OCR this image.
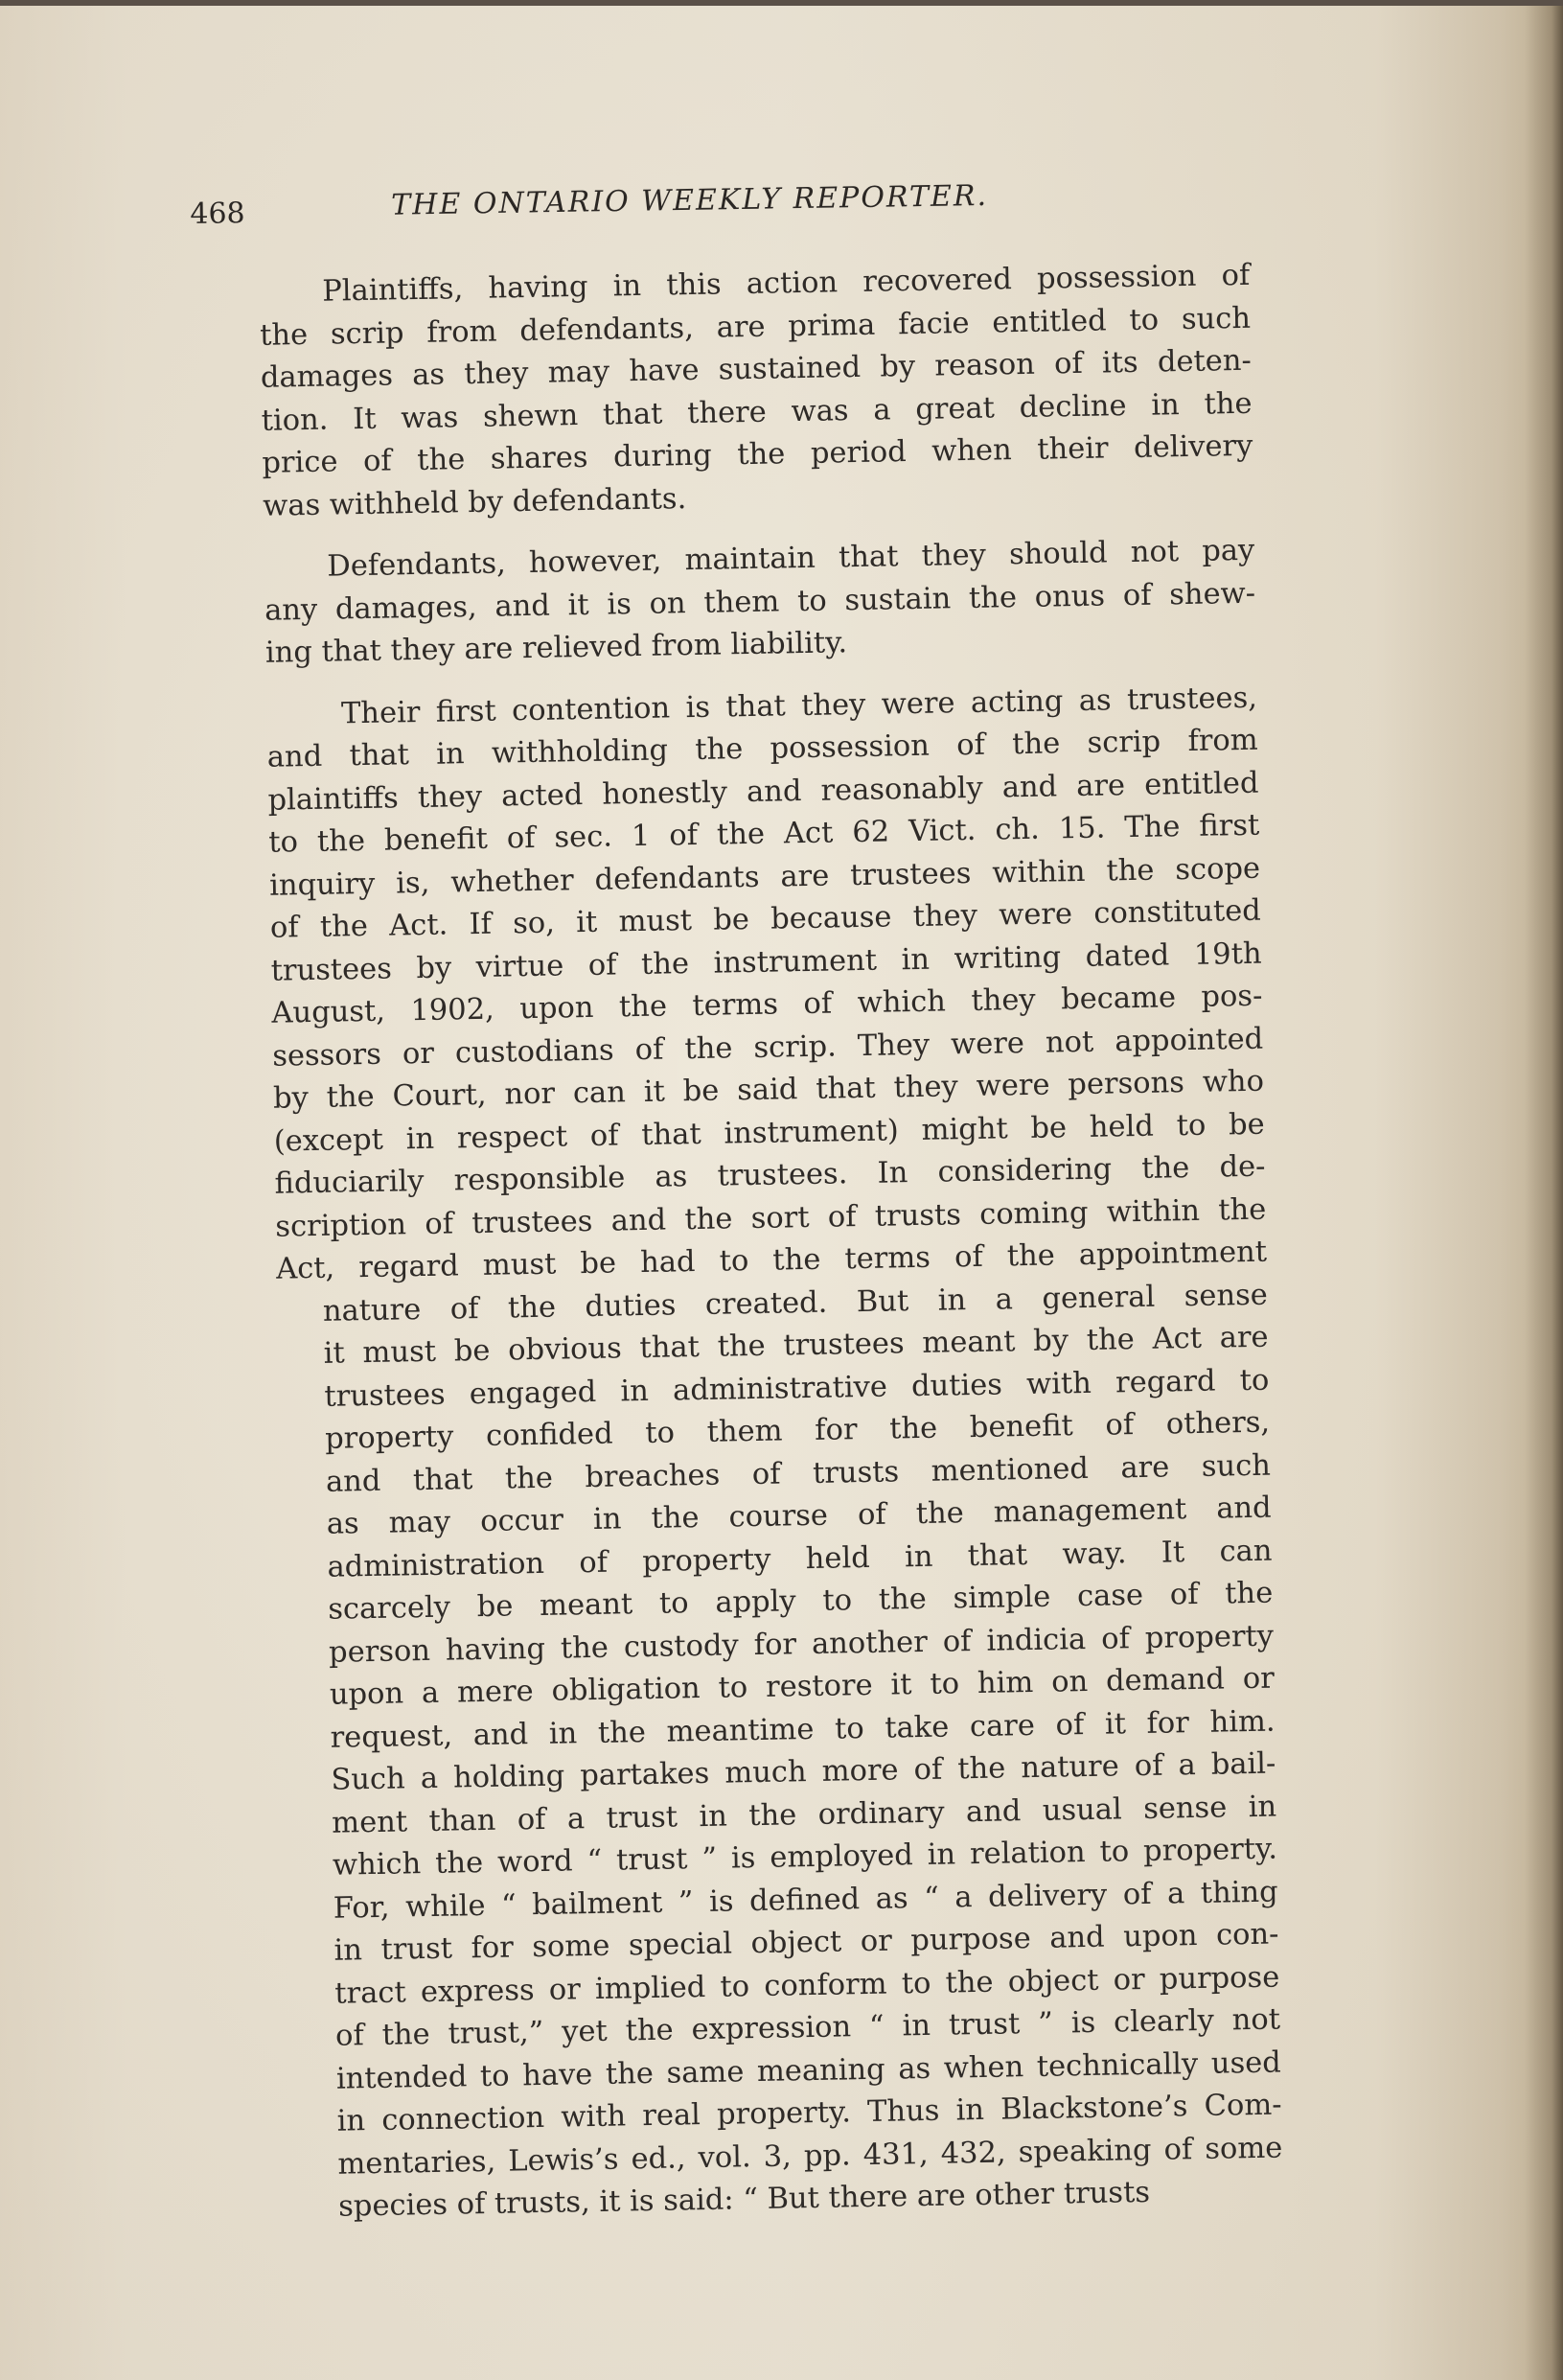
468	THE ONTARIO WEEKLY REPORTER.

Plaintiffs, having in this action recovered possession of
the scrip from defendants, are prima facie entitled to such
damages as they may have sustained by reason of its deten-
tion. It was shewn that there was a great decline in the
price of the shares during the period when their delivery
was withheld by defendants.

Defendants, however, maintain that they should not pay
any damages, and it is on them to sustain the onus of shew-
ing that they are relieved from liability.

Their first contention is that they were acting as trustees,
and that in withholding the possession of the scrip from
plaintiffs they acted honestly and reasonably and are entitled
to the benefit of sec. 1 of the Act 62 Vict. ch. 15. The first
inquiry is, whether defendants are trustees within the scope
of the Act. If so, it must be because they were constituted
trustees by virtue of the instrument in writing dated 19th
August, 1902, upon the terms of which they became pos-
sessors or custodians of the scrip. They were not appointed
by the Court, nor can it be said that they were persons who
(except in respect of that instrument) might be held to be
fiduciarily responsible as trustees. In considering the de-
scription of trustees and the sort of trusts coming within the
Act, regard must be had to the terms of the appointment
nature of the duties created. But in a general sense
it must be obvious that the trustees meant by the Act are
trustees engaged in administrative duties with regard to
property confided to them for the benefit of others,
and that the breaches of trusts mentioned are such
as may occur in the course of the management and
administration of property held in that way. It can
scarcely be meant to apply to the simple case of the
person having the custody for another of indicia of property
upon a mere obligation to restore it to him on demand or
request, and in the meantime to take care of it for him.
Such a holding partakes much more of the nature of a bail-
ment than of a trust in the ordinary and usual sense in
which the word “ trust ” is employed in relation to property.
For, while “ bailment ” is defined as “ a delivery of a thing
in trust for some special object or purpose and upon con-
tract express or implied to conform to the object or purpose
of the trust,” yet the expression “ in trust ” is clearly not
intended to have the same meaning as when technically used
in connection with real property. Thus in Blackstone’s Com-
mentaries, Lewis’s ed., vol. 3, pp. 431, 432, speaking of some
species of trusts, it is said: “ But there are other trusts
